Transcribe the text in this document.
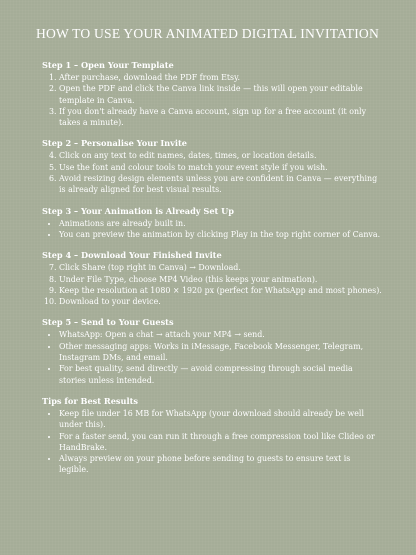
HOW TO USE YOUR ANIMATED DIGITAL INVITATION
Step 1 – Open Your Template
1. After purchase, download the PDF from Etsy.
2. Open the PDF and click the Canva link inside — this will open your editable template in Canva.
3. If you don't already have a Canva account, sign up for a free account (it only takes a minute).
Step 2 – Personalise Your Invite
4. Click on any text to edit names, dates, times, or location details.
5. Use the font and colour tools to match your event style if you wish.
6. Avoid resizing design elements unless you are confident in Canva — everything is already aligned for best visual results.
Step 3 – Your Animation is Already Set Up
• Animations are already built in.
• You can preview the animation by clicking Play in the top right corner of Canva.
Step 4 – Download Your Finished Invite
7. Click Share (top right in Canva) → Download.
8. Under File Type, choose MP4 Video (this keeps your animation).
9. Keep the resolution at 1080 × 1920 px (perfect for WhatsApp and most phones).
10. Download to your device.
Step 5 – Send to Your Guests
• WhatsApp: Open a chat → attach your MP4 → send.
• Other messaging apps: Works in iMessage, Facebook Messenger, Telegram, Instagram DMs, and email.
• For best quality, send directly — avoid compressing through social media stories unless intended.
Tips for Best Results
• Keep file under 16 MB for WhatsApp (your download should already be well under this).
• For a faster send, you can run it through a free compression tool like Clideo or HandBrake.
• Always preview on your phone before sending to guests to ensure text is legible.
